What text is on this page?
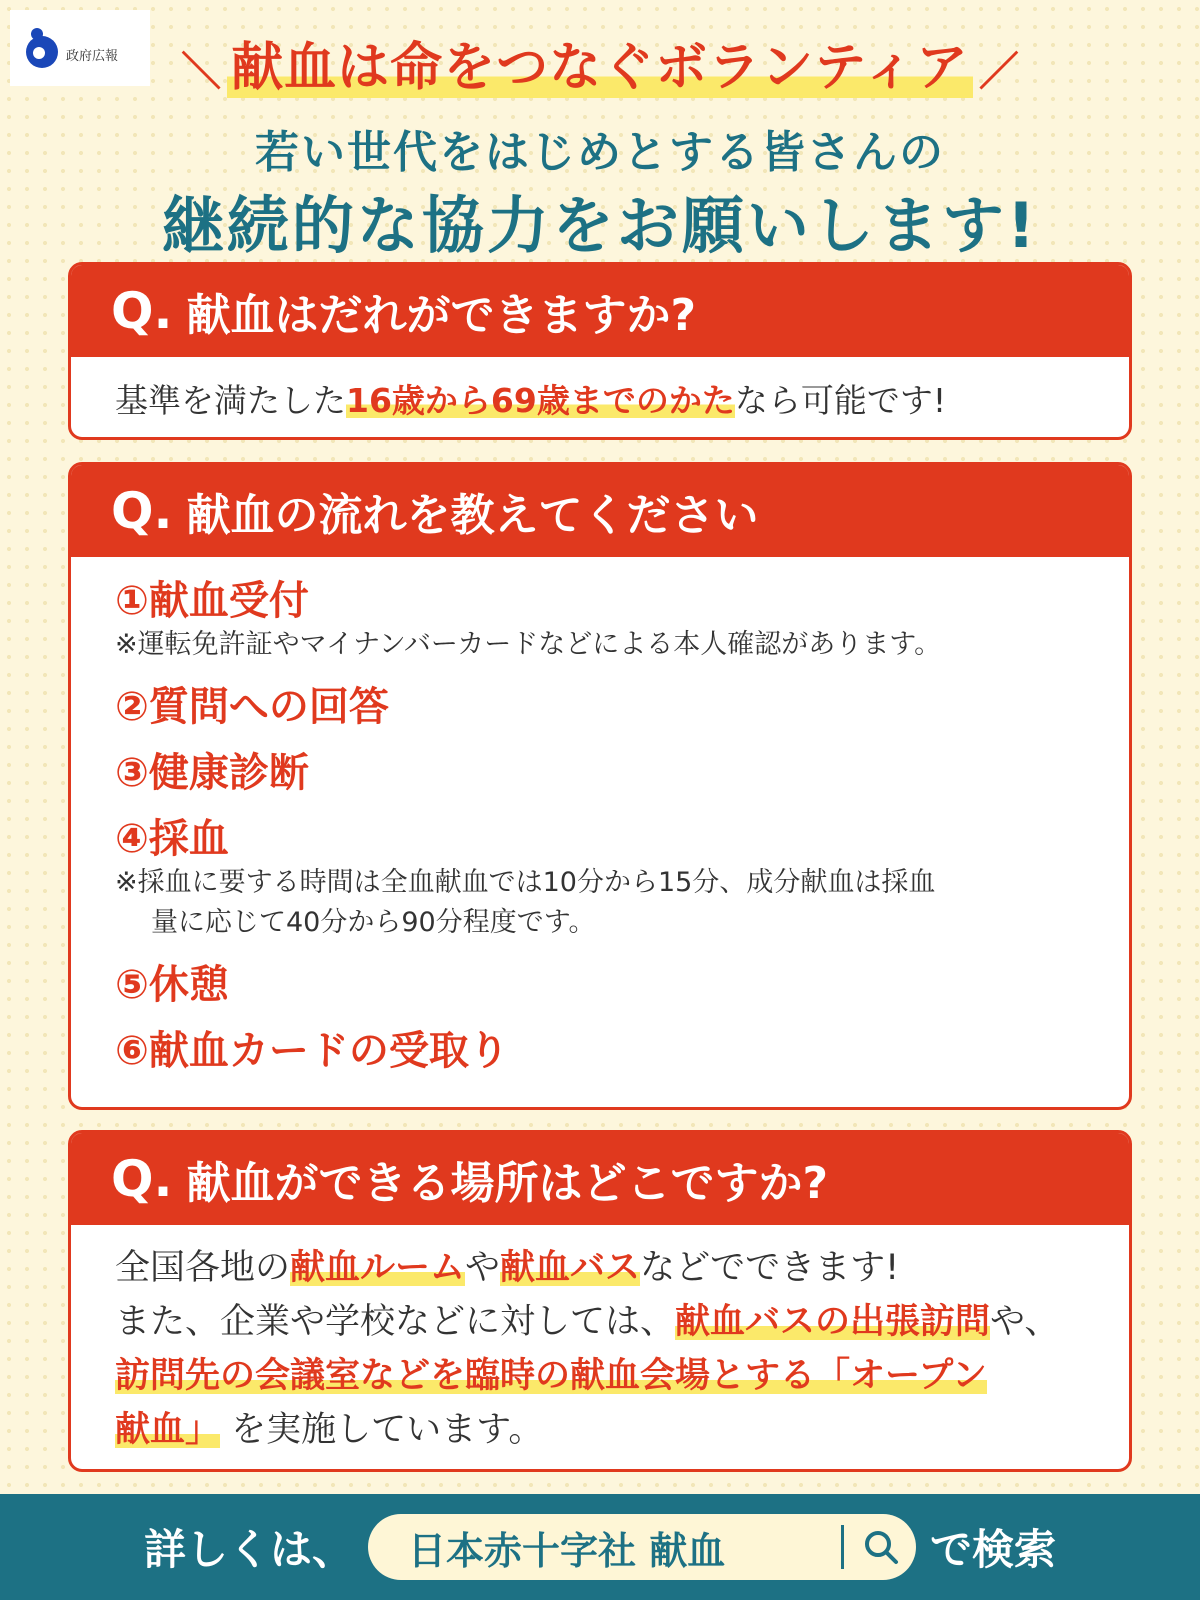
政府広報 ＼ 献血は命をつなぐボランティア ／
若い世代をはじめとする皆さんの
継続的な協力をお願いします!
Q. 献血はだれができますか?
基準を満たした16歳から69歳までのかたなら可能です!
Q. 献血の流れを教えてください
①献血受付
※運転免許証やマイナンバーカードなどによる本人確認があります。
②質問への回答
③健康診断
④採血
※採血に要する時間は全血献血では10分から15分、成分献血は採血
量に応じて40分から90分程度です。
⑤休憩
⑥献血カードの受取り
Q. 献血ができる場所はどこですか?
全国各地の献血ルームや献血バスなどでできます!
また、企業や学校などに対しては、献血バスの出張訪問や、
訪問先の会議室などを臨時の献血会場とする「オープン
献血」 を実施しています。
詳しくは、 日本赤十字社 献血	で検索
